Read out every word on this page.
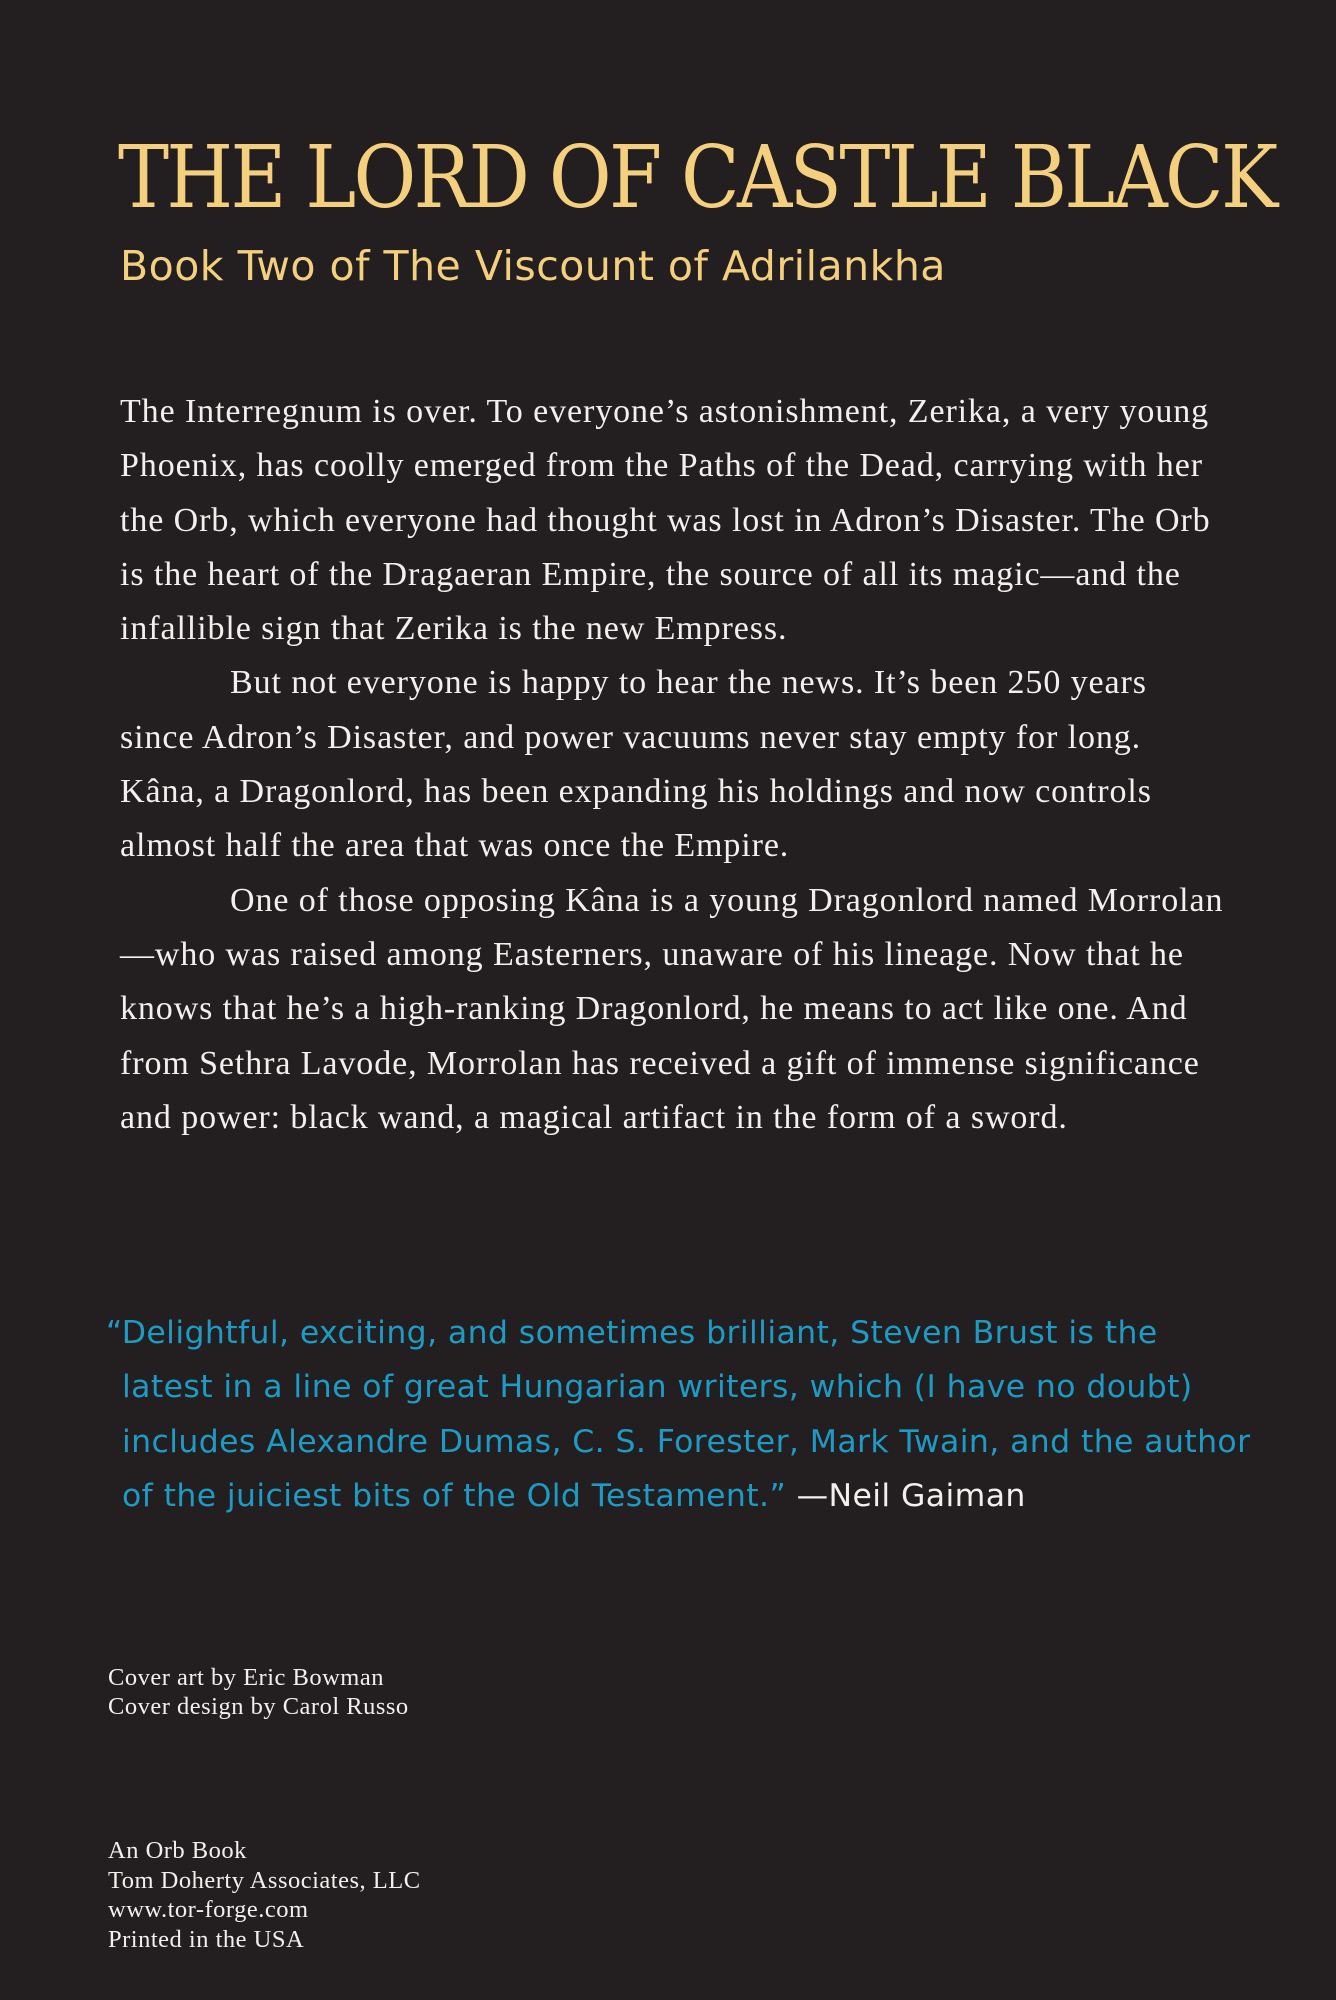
THE LORD OF CASTLE BLACK
Book Two of The Viscount of Adrilankha

The Interregnum is over. To everyone’s astonishment, Zerika, a very young Phoenix, has coolly emerged from the Paths of the Dead, carrying with her the Orb, which everyone had thought was lost in Adron’s Disaster. The Orb is the heart of the Dragaeran Empire, the source of all its magic—and the infallible sign that Zerika is the new Empress.

But not everyone is happy to hear the news. It’s been 250 years since Adron’s Disaster, and power vacuums never stay empty for long. Kâna, a Dragonlord, has been expanding his holdings and now controls almost half the area that was once the Empire.

One of those opposing Kâna is a young Dragonlord named Morrolan—who was raised among Easterners, unaware of his lineage. Now that he knows that he’s a high-ranking Dragonlord, he means to act like one. And from Sethra Lavode, Morrolan has received a gift of immense significance and power: black wand, a magical artifact in the form of a sword.

“Delightful, exciting, and sometimes brilliant, Steven Brust is the latest in a line of great Hungarian writers, which (I have no doubt) includes Alexandre Dumas, C. S. Forester, Mark Twain, and the author of the juiciest bits of the Old Testament.” —Neil Gaiman
Cover art by Eric Bowman
Cover design by Carol Russo
An Orb Book
Tom Doherty Associates, LLC
www.tor-forge.com
Printed in the USA
